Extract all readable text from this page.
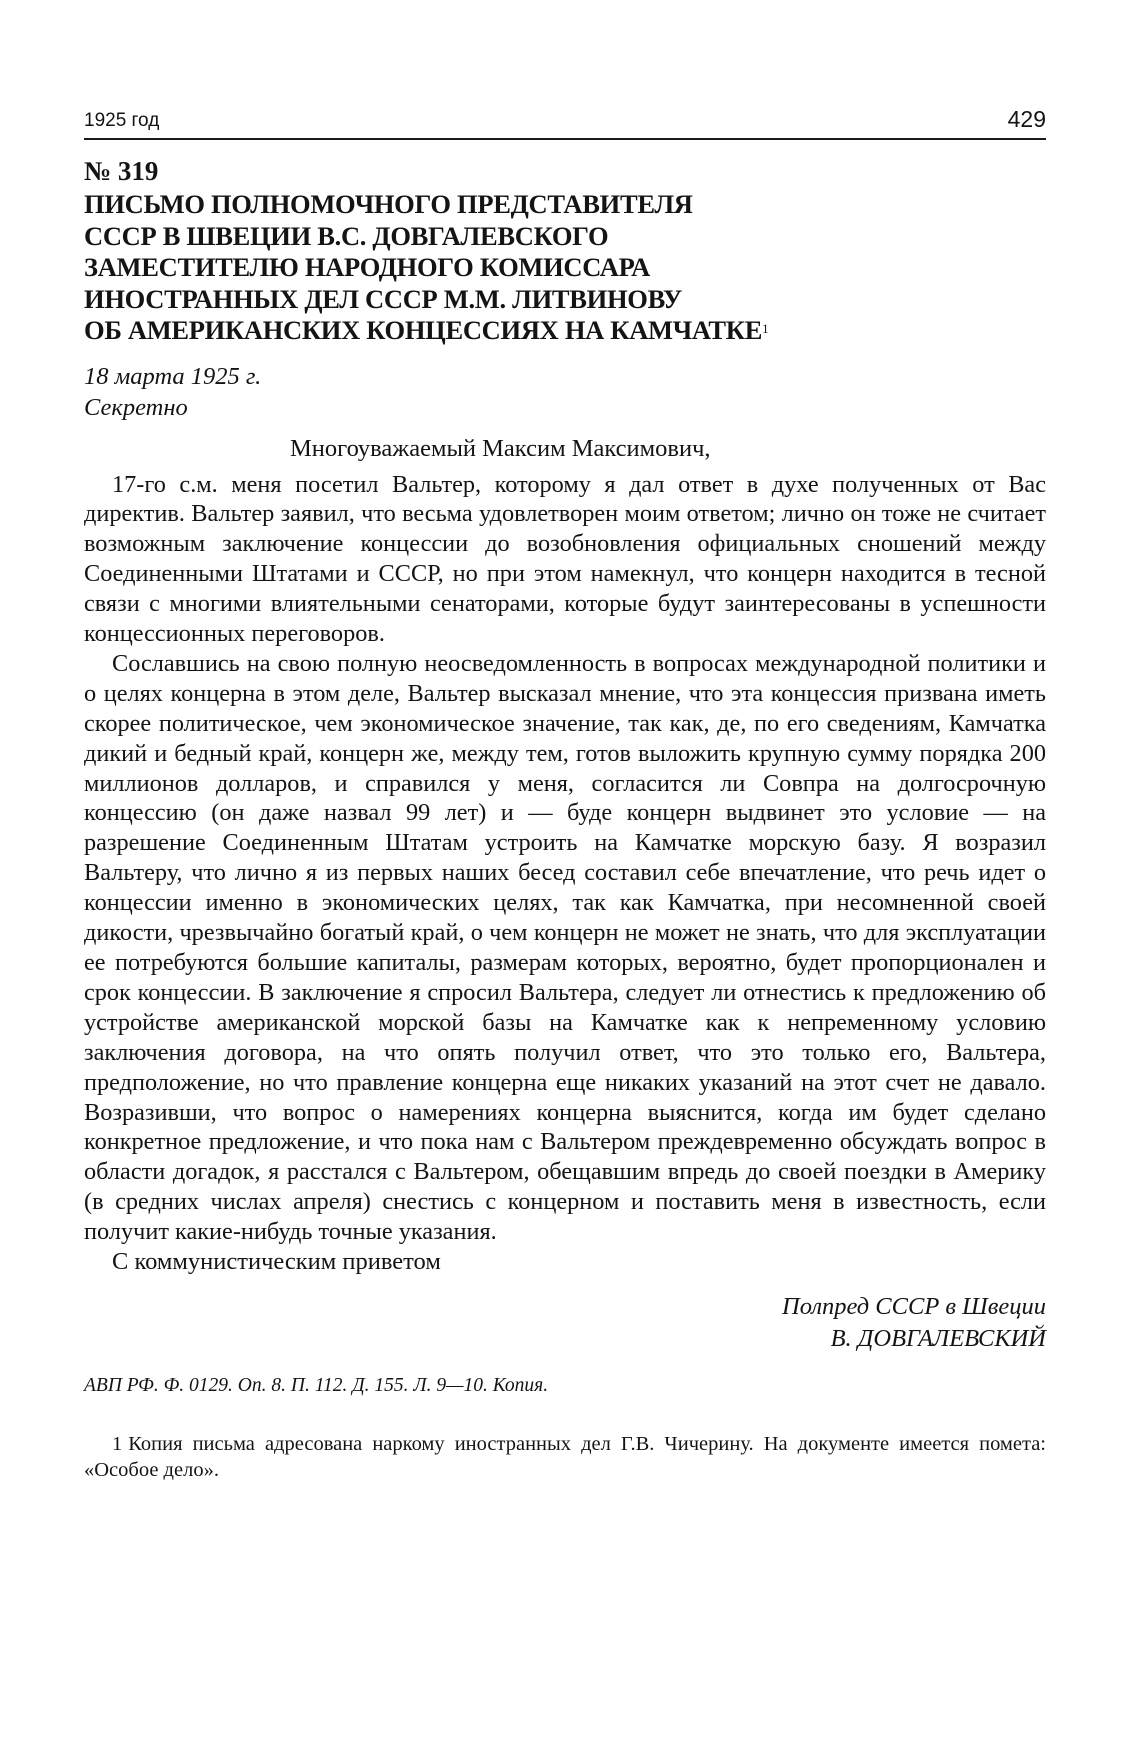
1925 год	429
№ 319
ПИСЬМО ПОЛНОМОЧНОГО ПРЕДСТАВИТЕЛЯ
СССР В ШВЕЦИИ В.С. ДОВГАЛЕВСКОГО
ЗАМЕСТИТЕЛЮ НАРОДНОГО КОМИССАРА
ИНОСТРАННЫХ ДЕЛ СССР М.М. ЛИТВИНОВУ
ОБ АМЕРИКАНСКИХ КОНЦЕССИЯХ НА КАМЧАТКЕ$^1$
18 марта 1925 г.
Секретно
Многоуважаемый Максим Максимович,

17-го с.м. меня посетил Вальтер, которому я дал ответ в духе полученных от Вас директив. Вальтер заявил, что весьма удовлетворен моим ответом; лично он тоже не считает возможным заключение концессии до возобновления официальных сношений между Соединенными Штатами и СССР, но при этом намекнул, что концерн находится в тесной связи с многими влиятельными сенаторами, которые будут заинтересованы в успешности концессионных переговоров.

Сославшись на свою полную неосведомленность в вопросах международной политики и о целях концерна в этом деле, Вальтер высказал мнение, что эта концессия призвана иметь скорее политическое, чем экономическое значение, так как, де, по его сведениям, Камчатка дикий и бедный край, концерн же, между тем, готов выложить крупную сумму порядка 200 миллионов долларов, и справился у меня, согласится ли Совпра на долгосрочную концессию (он даже назвал 99 лет) и — буде концерн выдвинет это условие — на разрешение Соединенным Штатам устроить на Камчатке морскую базу. Я возразил Вальтеру, что лично я из первых наших бесед составил себе впечатление, что речь идет о концессии именно в экономических целях, так как Камчатка, при несомненной своей дикости, чрезвычайно богатый край, о чем концерн не может не знать, что для эксплуатации ее потребуются большие капиталы, размерам которых, вероятно, будет пропорционален и срок концессии. В заключение я спросил Вальтера, следует ли отнестись к предложению об устройстве американской морской базы на Камчатке как к непременному условию заключения договора, на что опять получил ответ, что это только его, Вальтера, предположение, но что правление концерна еще никаких указаний на этот счет не давало. Возразивши, что вопрос о намерениях концерна выяснится, когда им будет сделано конкретное предложение, и что пока нам с Вальтером преждевременно обсуждать вопрос в области догадок, я расстался с Вальтером, обещавшим впредь до своей поездки в Америку (в средних числах апреля) снестись с концерном и поставить меня в известность, если получит какие-нибудь точные указания.

С коммунистическим приветом
Полпред СССР в Швеции
В. ДОВГАЛЕВСКИЙ
АВП РФ. Ф. 0129. Оп. 8. П. 112. Д. 155. Л. 9—10. Копия.
1 Копия письма адресована наркому иностранных дел Г.В. Чичерину. На документе имеется помета: «Особое дело».
